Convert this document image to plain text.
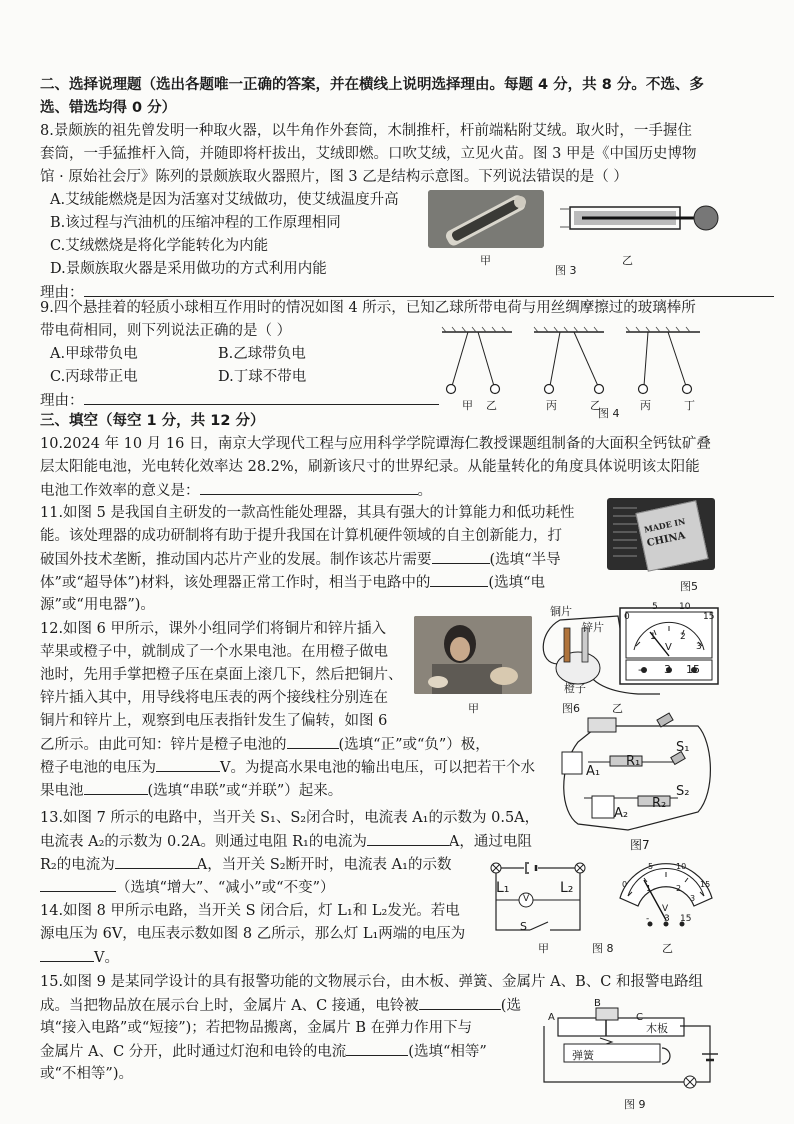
二、选择说理题（选出各题唯一正确的答案，并在横线上说明选择理由。每题 4 分，共 8 分。不选、多
选、错选均得 0 分）
8.景颇族的祖先曾发明一种取火器，以牛角作外套筒，木制推杆，杆前端粘附艾绒。取火时，一手握住
套筒，一手猛推杆入筒，并随即将杆拔出，艾绒即燃。口吹艾绒，立见火苗。图 3 甲是《中国历史博物
馆 · 原始社会厅》陈列的景颇族取火器照片，图 3 乙是结构示意图。下列说法错误的是（ ）
A.艾绒能燃烧是因为活塞对艾绒做功，使艾绒温度升高
B.该过程与汽油机的压缩冲程的工作原理相同
C.艾绒燃烧是将化学能转化为内能
D.景颇族取火器是采用做功的方式利用内能
理由：
甲
图 3
乙
9.四个悬挂着的轻质小球相互作用时的情况如图 4 所示，已知乙球所带电荷与用丝绸摩擦过的玻璃棒所
带电荷相同，则下列说法正确的是（ ）
A.甲球带负电	B.乙球带负电
C.丙球带正电	D.丁球不带电
理由：	甲 乙	丙	乙	丙	丁
图 4
三、填空（每空 1 分，共 12 分）
10.2024 年 10 月 16 日，南京大学现代工程与应用科学学院谭海仁教授课题组制备的大面积全钙钛矿叠
层太阳能电池，光电转化效率达 28.2%，刷新该尺寸的世界纪录。从能量转化的角度具体说明该太阳能
电池工作效率的意义是：	。
11.如图 5 是我国自主研发的一款高性能处理器，其具有强大的计算能力和低功耗性
能。该处理器的成功研制将有助于提升我国在计算机硬件领域的自主创新能力，打
破国外技术垄断，推动国内芯片产业的发展。制作该芯片需要	(选填“半导
体”或“超导体”)材料，该处理器正常工作时，相当于电路中的	(选填“电
源”或“用电器”)。
MADE IN
CHINA
图5
12.如图 6 甲所示，课外小组同学们将铜片和锌片插入
苹果或橙子中，就制成了一个水果电池。在用橙子做电
池时，先用手掌把橙子压在桌面上滚几下，然后把铜片、
锌片插入其中，用导线将电压表的两个接线柱分别连在
铜片和锌片上，观察到电压表指针发生了偏转，如图 6
乙所示。由此可知：锌片是橙子电池的	(选填“正”或“负”）极，
橙子电池的电压为	V。为提高水果电池的输出电压，可以把若干个水
果电池	(选填“串联”或“并联”）起来。
甲
铜片
锌片
橙子
0
5 10
15
1	2
3
V
- 3 15
图6	乙
S₁
R₁
A₁
S₂
R₂
A₂
图7
13.如图 7 所示的电路中，当开关 S₁、S₂闭合时，电流表 A₁的示数为 0.5A，
电流表 A₂的示数为 0.2A。则通过电阻 R₁的电流为	A，通过电阻
R₂的电流为	A，当开关 S₂断开时，电流表 A₁的示数
（选填“增大”、“减小”或“不变”）	L₁	L₂
V
S
甲	图 8
0
5	10
15
1	2
3
V
- 3 15
乙
14.如图 8 甲所示电路，当开关 S 闭合后，灯 L₁和 L₂发光。若电
源电压为 6V，电压表示数如图 8 乙所示，那么灯 L₁两端的电压为
V。
15.如图 9 是某同学设计的具有报警功能的文物展示台，由木板、弹簧、金属片 A、B、C 和报警电路组
成。当把物品放在展示台上时，金属片 A、C 接通，电铃被	(选
填“接入电路”或“短接”)；若把物品搬离，金属片 B 在弹力作用下与
金属片 A、C 分开，此时通过灯泡和电铃的电流	(选填“相等”
或“不相等”)。
A
B
C
木板
弹簧
图 9
